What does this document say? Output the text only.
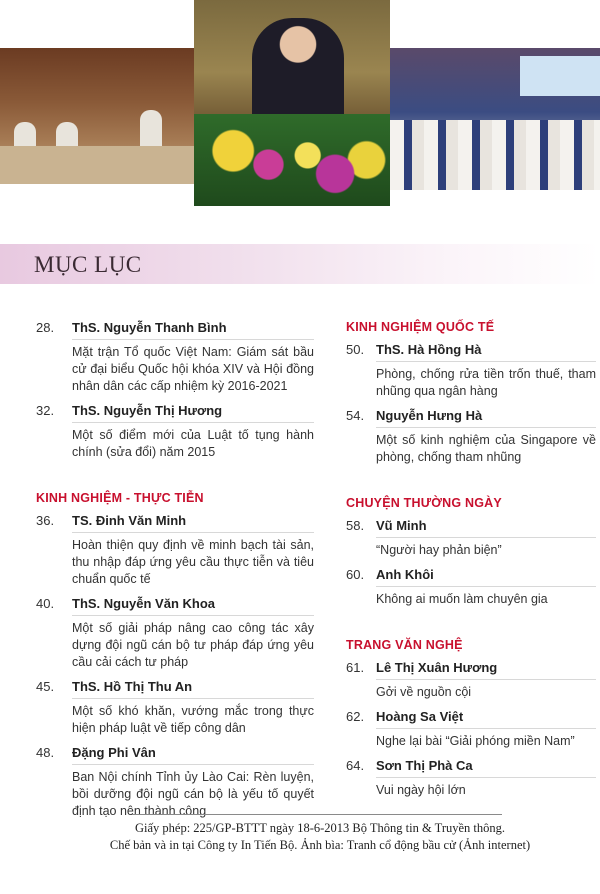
MỤC LỤC
28.	ThS. Nguyễn Thanh Bình
Mặt trận Tổ quốc Việt Nam: Giám sát bầu cử đại biểu Quốc hội khóa XIV và Hội đồng nhân dân các cấp nhiệm kỳ 2016-2021
32.	ThS. Nguyễn Thị Hương
Một số điểm mới của Luật tố tụng hành chính (sửa đổi) năm 2015
KINH NGHIỆM - THỰC TIỄN
36.	TS. Đinh Văn Minh
Hoàn thiện quy định về minh bạch tài sản, thu nhập đáp ứng yêu cầu thực tiễn và tiêu chuẩn quốc tế
40.	ThS. Nguyễn Văn Khoa
Một số giải pháp nâng cao công tác xây dựng đội ngũ cán bộ tư pháp đáp ứng yêu cầu cải cách tư pháp
45.	ThS. Hồ Thị Thu An
Một số khó khăn, vướng mắc trong thực hiện pháp luật về tiếp công dân
48.	Đặng Phi Vân
Ban Nội chính Tỉnh ủy Lào Cai: Rèn luyện, bồi dưỡng đội ngũ cán bộ là yếu tố quyết định tạo nên thành công
KINH NGHIỆM QUỐC TẾ
50. ThS. Hà Hồng Hà
Phòng, chống rửa tiền trốn thuế, tham nhũng qua ngân hàng
54. Nguyễn Hưng Hà
Một số kinh nghiệm của Singapore về phòng, chống tham nhũng
CHUYỆN THƯỜNG NGÀY
58. Vũ Minh
“Người hay phản biện”
60. Anh Khôi
Không ai muốn làm chuyên gia
TRANG VĂN NGHỆ
61. Lê Thị Xuân Hương
Gởi về nguồn cội
62. Hoàng Sa Việt
Nghe lại bài “Giải phóng miền Nam”
64. Sơn Thị Phà Ca
Vui ngày hội lớn
Giấy phép: 225/GP-BTTT ngày 18-6-2013 Bộ Thông tin & Truyền thông.
Chế bản và in tại Công ty In Tiến Bộ. Ảnh bìa: Tranh cổ động bầu cử (Ảnh internet)
